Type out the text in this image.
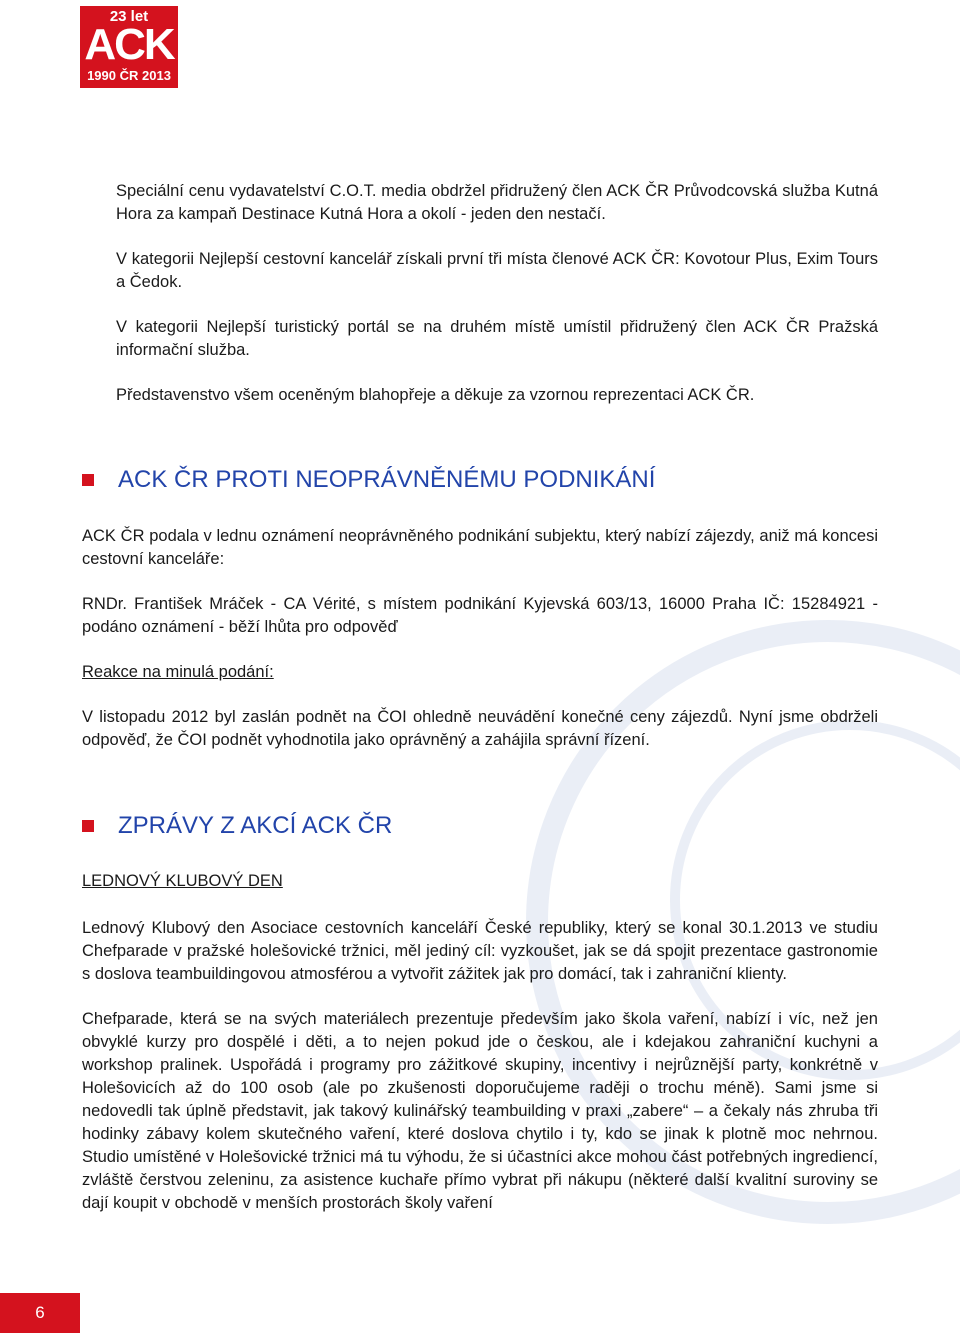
23 let
ACK
1990 ČR 2013

Speciální cenu vydavatelství C.O.T. media obdržel přidružený člen ACK ČR Průvodcovská služba Kutná Hora za kampaň Destinace Kutná Hora a okolí - jeden den nestačí.

V kategorii Nejlepší cestovní kancelář získali první tři místa členové ACK ČR: Kovotour Plus, Exim Tours a Čedok.

V kategorii Nejlepší turistický portál se na druhém místě umístil přidružený člen ACK ČR Pražská informační služba.

Představenstvo všem oceněným blahopřeje a děkuje za vzornou reprezentaci ACK ČR.

ACK ČR PROTI NEOPRÁVNĚNÉMU PODNIKÁNÍ

ACK ČR podala v lednu oznámení neoprávněného podnikání subjektu, který nabízí zájezdy, aniž má koncesi cestovní kanceláře:

RNDr. František Mráček - CA Vérité, s místem podnikání Kyjevská 603/13, 16000 Praha IČ: 15284921 - podáno oznámení - běží lhůta pro odpověď

Reakce na minulá podání:

V listopadu 2012 byl zaslán podnět na ČOI ohledně neuvádění konečné ceny zájezdů. Nyní jsme obdrželi odpověď, že ČOI podnět vyhodnotila jako oprávněný a zahájila správní řízení.

ZPRÁVY Z AKCÍ ACK ČR

LEDNOVÝ KLUBOVÝ DEN

Lednový Klubový den Asociace cestovních kanceláří České republiky, který se konal 30.1.2013 ve studiu Chefparade v pražské holešovické tržnici, měl jediný cíl: vyzkoušet, jak se dá spojit prezentace gastronomie s doslova teambuildingovou atmosférou a vytvořit zážitek jak pro domácí, tak i zahraniční klienty.

Chefparade, která se na svých materiálech prezentuje především jako škola vaření, nabízí i víc, než jen obvyklé kurzy pro dospělé i děti, a to nejen pokud jde o českou, ale i kdejakou zahraniční kuchyni a workshop pralinek. Uspořádá i programy pro zážitkové skupiny, incentivy i nejrůznější party, konkrétně v Holešovicích až do 100 osob (ale po zkušenosti doporučujeme raději o trochu méně). Sami jsme si nedovedli tak úplně představit, jak takový kulinářský teambuilding v praxi „zabere“ – a čekaly nás zhruba tři hodinky zábavy kolem skutečného vaření, které doslova chytilo i ty, kdo se jinak k plotně moc nehrnou. Studio umístěné v Holešovické tržnici má tu výhodu, že si účastníci akce mohou část potřebných ingrediencí, zvláště čerstvou zeleninu, za asistence kuchaře přímo vybrat při nákupu (některé další kvalitní suroviny se dají koupit v obchodě v menších prostorách školy vaření

6
